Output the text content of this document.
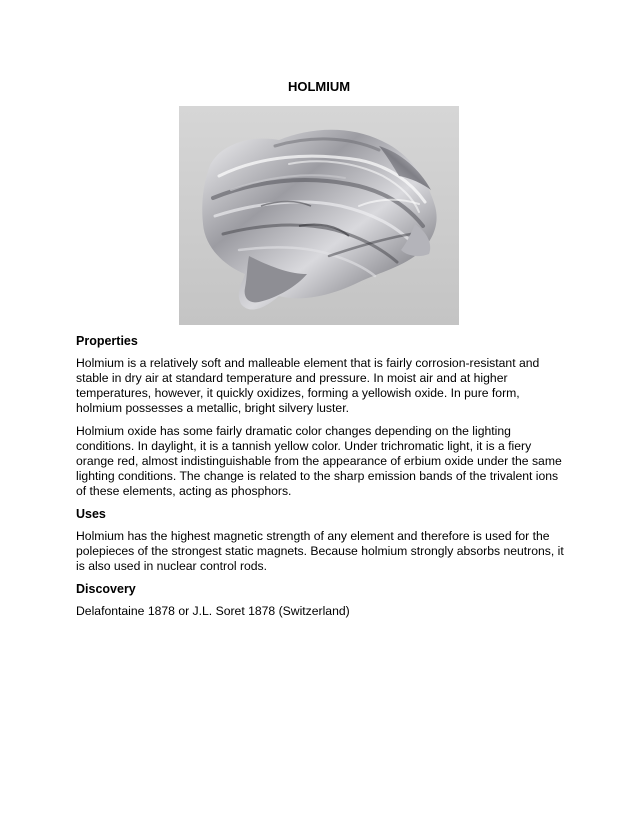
HOLMIUM
Properties

Holmium is a relatively soft and malleable element that is fairly corrosion-resistant and stable in dry air at standard temperature and pressure. In moist air and at higher temperatures, however, it quickly oxidizes, forming a yellowish oxide. In pure form, holmium possesses a metallic, bright silvery luster.

Holmium oxide has some fairly dramatic color changes depending on the lighting conditions. In daylight, it is a tannish yellow color. Under trichromatic light, it is a fiery orange red, almost indistinguishable from the appearance of erbium oxide under the same lighting conditions. The change is related to the sharp emission bands of the trivalent ions of these elements, acting as phosphors.

Uses

Holmium has the highest magnetic strength of any element and therefore is used for the polepieces of the strongest static magnets. Because holmium strongly absorbs neutrons, it is also used in nuclear control rods.

Discovery

Delafontaine 1878 or J.L. Soret 1878 (Switzerland)
